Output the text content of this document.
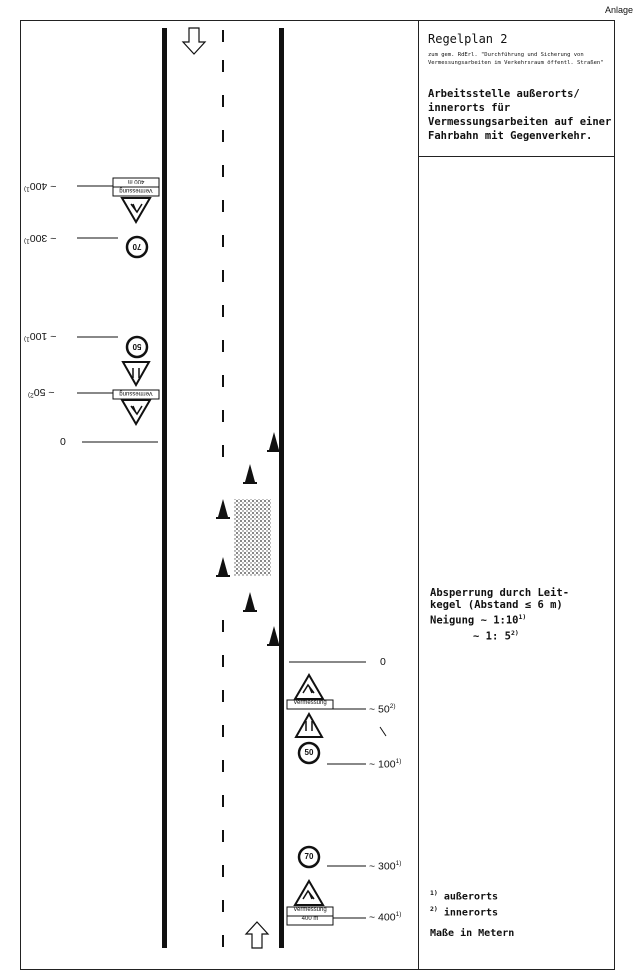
Anlage
Regelplan 2
zum gem. RdErl. "Durchführung und Sicherung von Vermessungsarbeiten im Verkehrsraum öffentl. Straßen"
Arbeitsstelle außerorts/ innerorts für Vermessungsarbeiten auf einer Fahrbahn mit Gegenverkehr.
Absperrung durch Leit-
kegel (Abstand ≤ 6 m)
Neigung ~ 1:10$^{1)}$
~ 1: 5$^{2)}$
$^{1)}$ außerorts
$^{2)}$ innerorts
Maße in Metern
Vermessung
50
70
Vermessung
400 m
400 m
Vermessung
70
50
Vermessung
0
~ 50$^{2)}$
~ 100$^{1)}$
~ 300$^{1)}$
~ 400$^{1)}$
0
~ 50$^{2)}$
~ 100$^{1)}$
~ 300$^{1)}$
~ 400$^{1)}$
